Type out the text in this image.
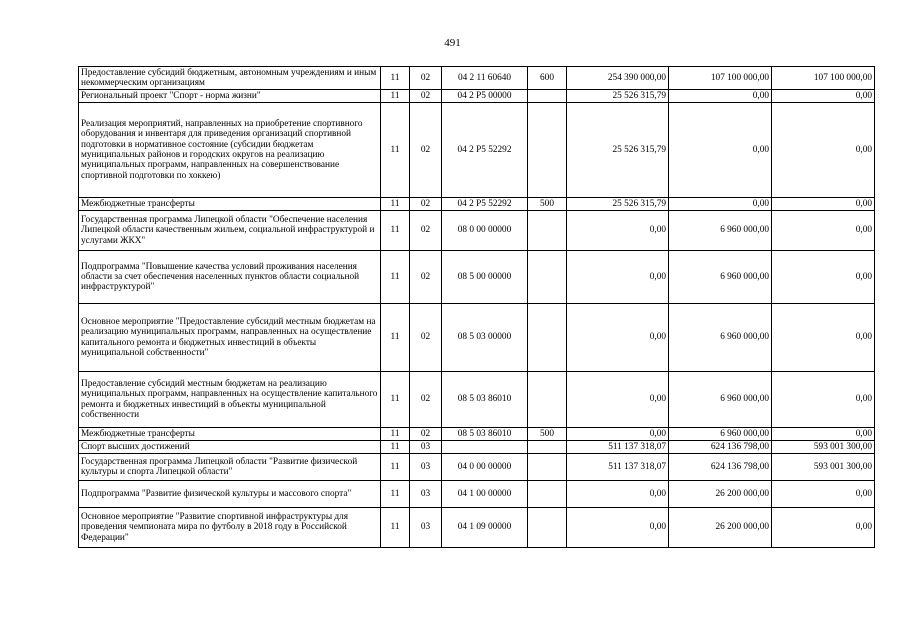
491
Предоставление субсидий бюджетным, автономным учреждениям и иным некоммерческим организациям	11	02	04 2 11 60640	600	254 390 000,00	107 100 000,00	107 100 000,00
Региональный проект "Спорт - норма жизни"	11	02	04 2 P5 00000		25 526 315,79	0,00	0,00
Реализация мероприятий, направленных на приобретение спортивного оборудования и инвентаря для приведения организаций спортивной подготовки в нормативное состояние (субсидии бюджетам муниципальных районов и городских округов на реализацию муниципальных программ, направленных на совершенствование спортивной подготовки по хоккею)	11	02	04 2 P5 52292		25 526 315,79	0,00	0,00
Межбюджетные трансферты	11	02	04 2 P5 52292	500	25 526 315,79	0,00	0,00
Государственная программа Липецкой области "Обеспечение населения Липецкой области качественным жильем, социальной инфраструктурой и услугами ЖКХ"	11	02	08 0 00 00000		0,00	6 960 000,00	0,00
Подпрограмма "Повышение качества условий проживания населения области за счет обеспечения населенных пунктов области социальной инфраструктурой"	11	02	08 5 00 00000		0,00	6 960 000,00	0,00
Основное мероприятие "Предоставление субсидий местным бюджетам на реализацию муниципальных программ, направленных на осуществление капитального ремонта и бюджетных инвестиций в объекты муниципальной собственности"	11	02	08 5 03 00000		0,00	6 960 000,00	0,00
Предоставление субсидий местным бюджетам на реализацию муниципальных программ, направленных на осуществление капитального ремонта и бюджетных инвестиций в объекты муниципальной собственности	11	02	08 5 03 86010		0,00	6 960 000,00	0,00
Межбюджетные трансферты	11	02	08 5 03 86010	500	0,00	6 960 000,00	0,00
Спорт высших достижений	11	03			511 137 318,07	624 136 798,00	593 001 300,00
Государственная программа Липецкой области "Развитие физической культуры и спорта Липецкой области"	11	03	04 0 00 00000		511 137 318,07	624 136 798,00	593 001 300,00
Подпрограмма "Развитие физической культуры и массового спорта"	11	03	04 1 00 00000		0,00	26 200 000,00	0,00
Основное мероприятие "Развитие спортивной инфраструктуры для проведения чемпионата мира по футболу в 2018 году в Российской Федерации"	11	03	04 1 09 00000		0,00	26 200 000,00	0,00
